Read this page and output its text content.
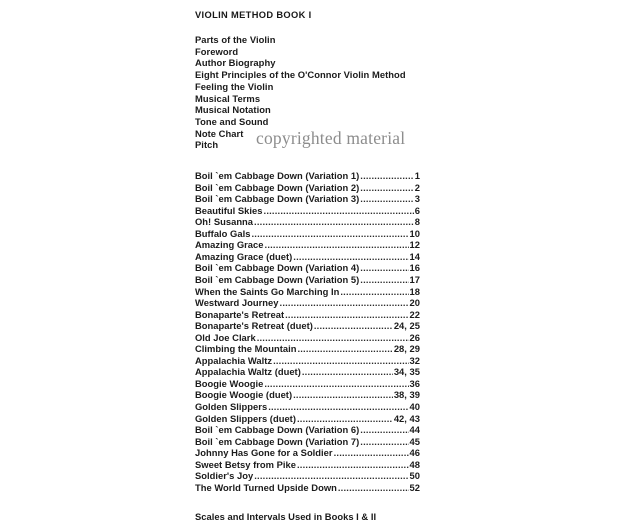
VIOLIN METHOD BOOK I
Parts of the Violin
Foreword
Author Biography
Eight Principles of the O'Connor Violin Method
Feeling the Violin
Musical Terms
Musical Notation
Tone and Sound
Note Chart
Pitch
Boil `em Cabbage Down (Variation 1) .....	1
Boil `em Cabbage Down (Variation 2) .....	2
Boil `em Cabbage Down (Variation 3) .....	3
Beautiful Skies .....	6
Oh! Susanna .....	8
Buffalo Gals .....	10
Amazing Grace .....	12
Amazing Grace (duet) .....	14
Boil `em Cabbage Down (Variation 4) .....	16
Boil `em Cabbage Down (Variation 5) .....	17
When the Saints Go Marching In .....	18
Westward Journey .....	20
Bonaparte's Retreat .....	22
Bonaparte's Retreat (duet) .....	24, 25
Old Joe Clark .....	26
Climbing the Mountain .....	28, 29
Appalachia Waltz .....	32
Appalachia Waltz (duet) .....	34, 35
Boogie Woogie .....	36
Boogie Woogie (duet) .....	38, 39
Golden Slippers .....	40
Golden Slippers (duet) .....	42, 43
Boil `em Cabbage Down (Variation 6) .....	44
Boil `em Cabbage Down (Variation 7) .....	45
Johnny Has Gone for a Soldier .....	46
Sweet Betsy from Pike .....	48
Soldier's Joy .....	50
The World Turned Upside Down .....	52
Scales and Intervals Used in Books I & II
copyrighted material
